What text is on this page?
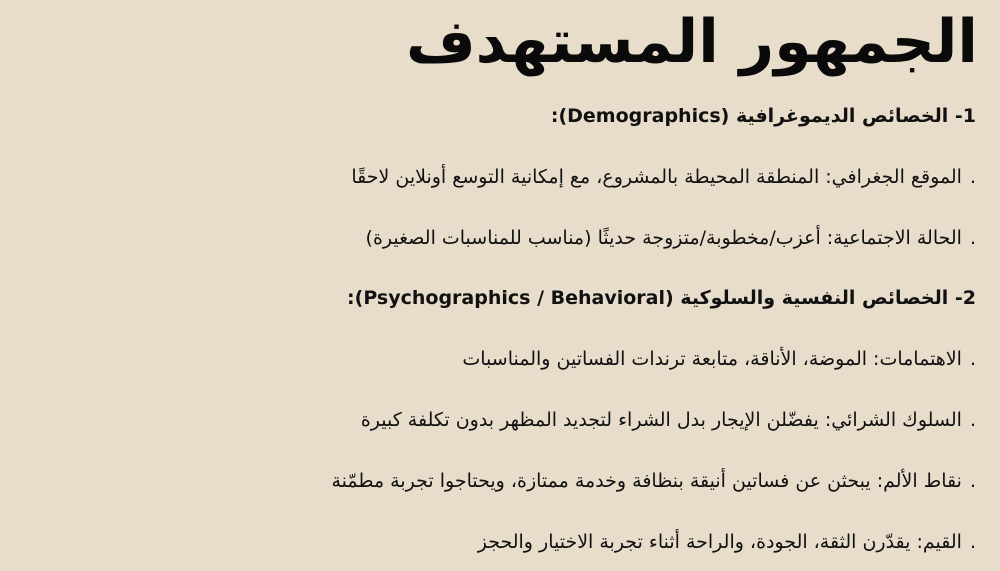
الجمهور المستهدف

1- الخصائص الديموغرافية (Demographics):

.الموقع الجغرافي: المنطقة المحيطة بالمشروع، مع إمكانية التوسع أونلاين لاحقًا

.الحالة الاجتماعية: أعزب/مخطوبة/متزوجة حديثًا (مناسب للمناسبات الصغيرة)

2- الخصائص النفسية والسلوكية (Psychographics / Behavioral):

.الاهتمامات: الموضة، الأناقة، متابعة ترندات الفساتين والمناسبات

.السلوك الشرائي: يفضّلن الإيجار بدل الشراء لتجديد المظهر بدون تكلفة كبيرة

.نقاط الألم: يبحثن عن فساتين أنيقة بنظافة وخدمة ممتازة، ويحتاجوا تجربة مطمّنة

.القيم: يقدّرن الثقة، الجودة، والراحة أثناء تجربة الاختيار والحجز
